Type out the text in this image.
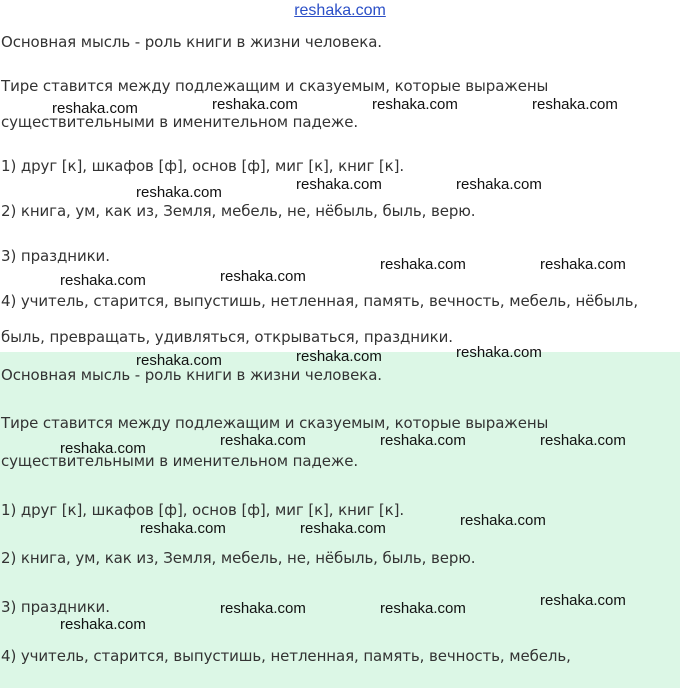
Основная мысль - роль книги в жизни человека.
Тире ставится между подлежащим и сказуемым, которые выражены
существительными в именительном падеже.
1) друг [к], шкафов [ф], основ [ф], миг [к], книг [к].
2) книга, ум, как из, Земля, мебель, не, нёбыль, быль, верю.
3) праздники.
4) учитель, старится, выпустишь, нетленная, память, вечность, мебель, нёбыль,
быль, превращать, удивляться, открываться, праздники.
Основная мысль - роль книги в жизни человека.
Тире ставится между подлежащим и сказуемым, которые выражены
существительными в именительном падеже.
1) друг [к], шкафов [ф], основ [ф], миг [к], книг [к].
2) книга, ум, как из, Земля, мебель, не, нёбыль, быль, верю.
3) праздники.
4) учитель, старится, выпустишь, нетленная, память, вечность, мебель,
reshaka.com
reshaka.com	reshaka.com	reshaka.com	reshaka.com
reshaka.com	reshaka.com	reshaka.com
reshaka.com	reshaka.com
reshaka.com	reshaka.com
reshaka.com	reshaka.com	reshaka.com
reshaka.com	reshaka.com	reshaka.com	reshaka.com
reshaka.com	reshaka.com	reshaka.com
reshaka.com
reshaka.com	reshaka.com	reshaka.com
